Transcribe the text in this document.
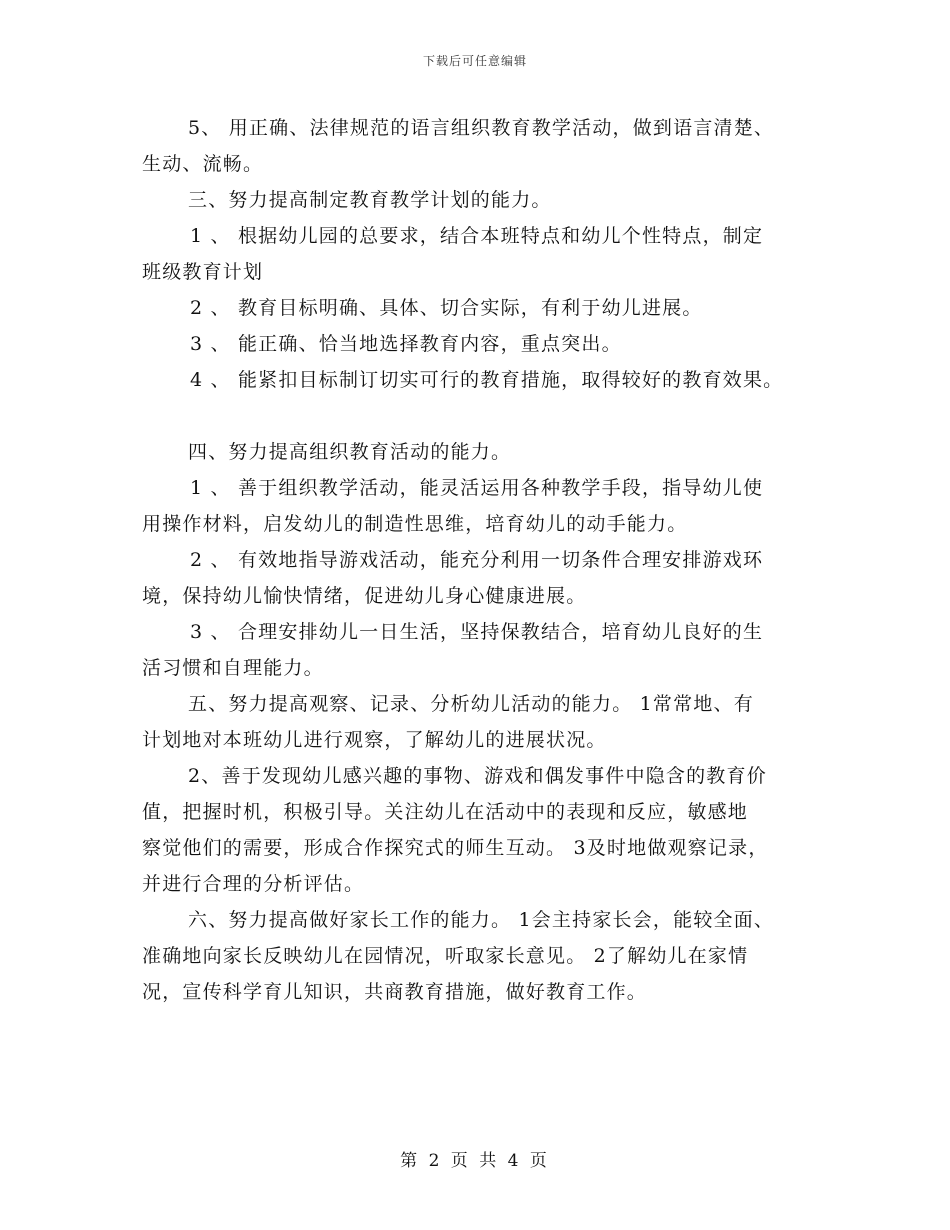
下载后可任意编辑
5、 用正确、法律规范的语言组织教育教学活动，做到语言清楚、
生动、流畅。
三、努力提高制定教育教学计划的能力。
1 、 根据幼儿园的总要求，结合本班特点和幼儿个性特点，制定
班级教育计划
2 、 教育目标明确、具体、切合实际，有利于幼儿进展。
3 、 能正确、恰当地选择教育内容，重点突出。
4 、 能紧扣目标制订切实可行的教育措施，取得较好的教育效果。
四、努力提高组织教育活动的能力。
1 、 善于组织教学活动，能灵活运用各种教学手段，指导幼儿使
用操作材料，启发幼儿的制造性思维，培育幼儿的动手能力。
2 、 有效地指导游戏活动，能充分利用一切条件合理安排游戏环
境，保持幼儿愉快情绪，促进幼儿身心健康进展。
3 、 合理安排幼儿一日生活，坚持保教结合，培育幼儿良好的生
活习惯和自理能力。
五、努力提高观察、记录、分析幼儿活动的能力。 1常常地、有
计划地对本班幼儿进行观察，了解幼儿的进展状况。
2、善于发现幼儿感兴趣的事物、游戏和偶发事件中隐含的教育价
值，把握时机，积极引导。关注幼儿在活动中的表现和反应，敏感地
察觉他们的需要，形成合作探究式的师生互动。 3及时地做观察记录，
并进行合理的分析评估。
六、努力提高做好家长工作的能力。 1会主持家长会，能较全面、
准确地向家长反映幼儿在园情况，听取家长意见。 2了解幼儿在家情
况，宣传科学育儿知识，共商教育措施，做好教育工作。
第 2 页 共 4 页
